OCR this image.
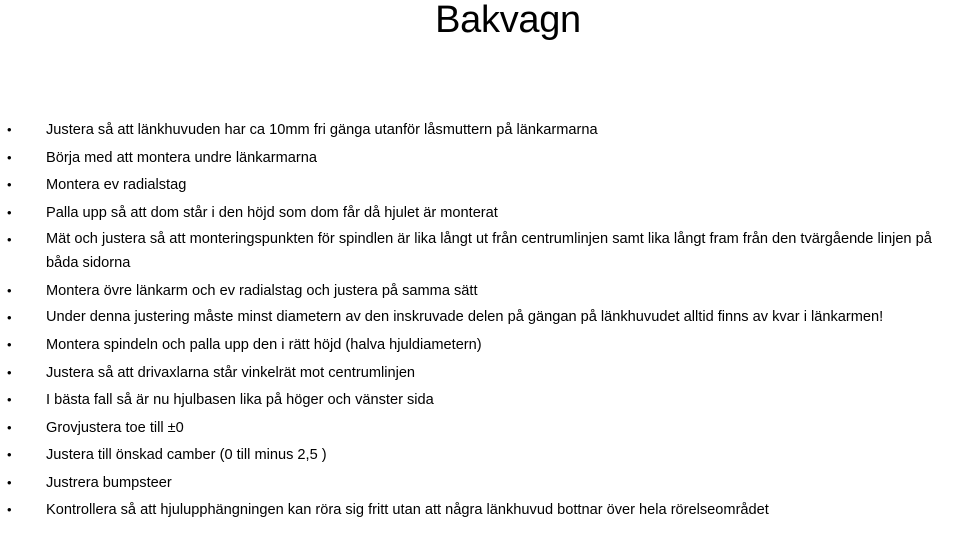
Bakvagn
• Justera så att länkhuvuden har ca 10mm fri gänga utanför låsmuttern på länkarmarna
• Börja med att montera undre länkarmarna
• Montera ev radialstag
• Palla upp så att dom står i den höjd som dom får då hjulet är monterat
• Mät och justera så att monteringspunkten för spindlen är lika långt ut från centrumlinjen samt lika långt fram från den tvärgående linjen på båda sidorna
• Montera övre länkarm och ev radialstag och justera på samma sätt
• Under denna justering måste minst diametern av den inskruvade delen på gängan på länkhuvudet alltid finns av kvar i länkarmen!
• Montera spindeln och palla upp den i rätt höjd (halva hjuldiametern)
• Justera så att drivaxlarna står vinkelrät mot centrumlinjen
• I bästa fall så är nu hjulbasen lika på höger och vänster sida
• Grovjustera toe till ±0
• Justera till önskad camber (0 till minus 2,5 )
• Justrera bumpsteer
• Kontrollera så att hjulupphängningen kan röra sig fritt utan att några länkhuvud bottnar över hela rörelseområdet
